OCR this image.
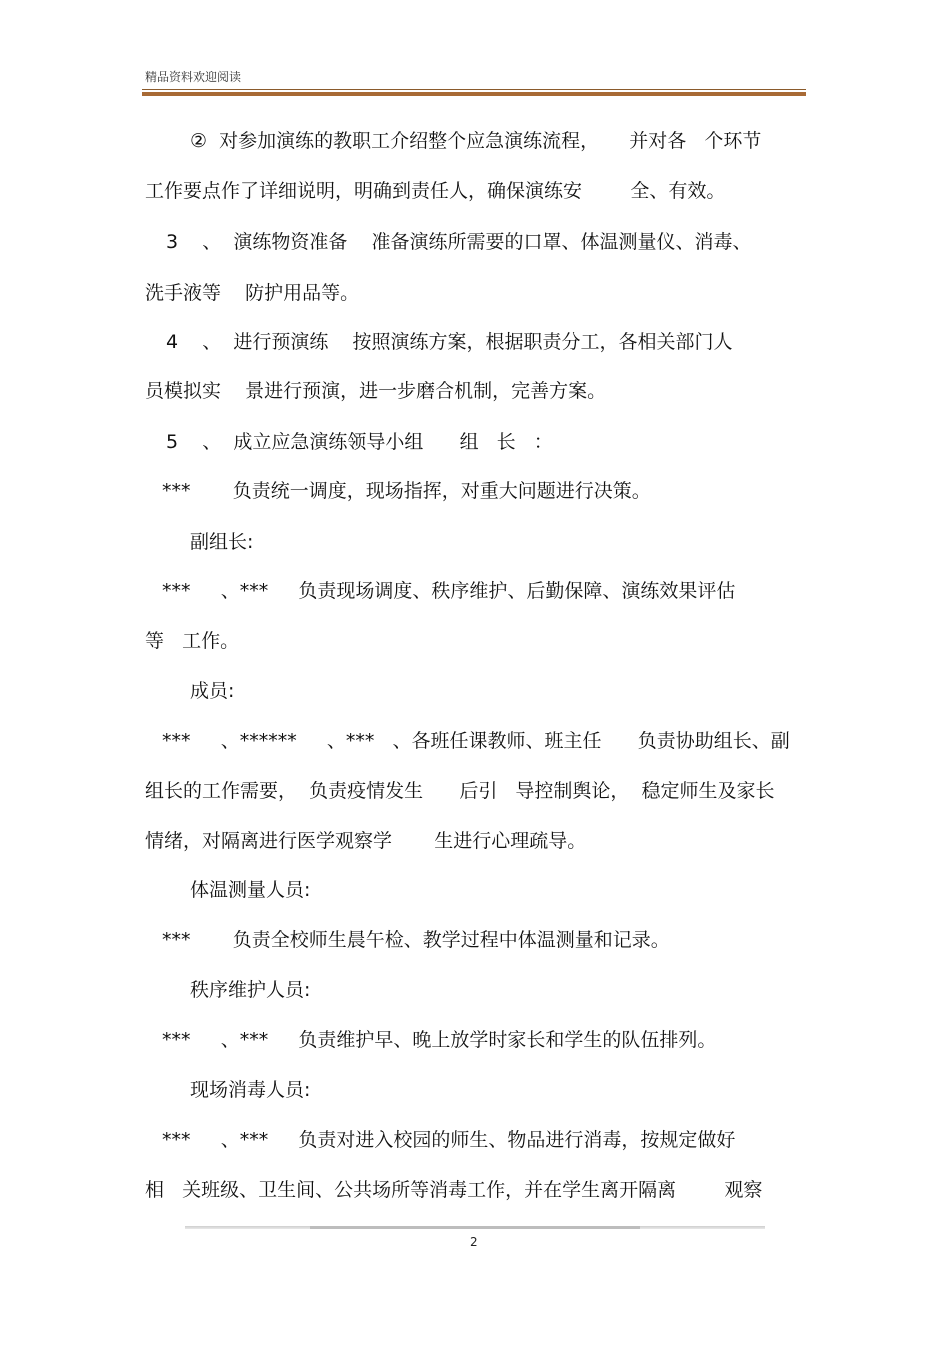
精品资料欢迎阅读
②  对参加演练的教职工介绍整个应急演练流程，     并对各   个环节
工作要点作了详细说明，明确到责任人，确保演练安        全、有效。
3    、  演练物资准备    准备演练所需要的口罩、体温测量仪、消毒、
洗手液等    防护用品等。
4    、  进行预演练    按照演练方案，根据职责分工，各相关部门人
员模拟实    景进行预演，进一步磨合机制，完善方案。
5    、  成立应急演练领导小组      组   长   ：
***       负责统一调度，现场指挥，对重大问题进行决策。
副组长:
***     、***     负责现场调度、秩序维护、后勤保障、演练效果评估
等   工作。
成员:
***     、******     、***   、各班任课教师、班主任      负责协助组长、副
组长的工作需要，  负责疫情发生      后引   导控制舆论，  稳定师生及家长
情绪，对隔离进行医学观察学       生进行心理疏导。
体温测量人员:
***       负责全校师生晨午检、教学过程中体温测量和记录。
秩序维护人员:
***     、***     负责维护早、晚上放学时家长和学生的队伍排列。
现场消毒人员:
***     、***     负责对进入校园的师生、物品进行消毒，按规定做好
相   关班级、卫生间、公共场所等消毒工作，并在学生离开隔离        观察
2
